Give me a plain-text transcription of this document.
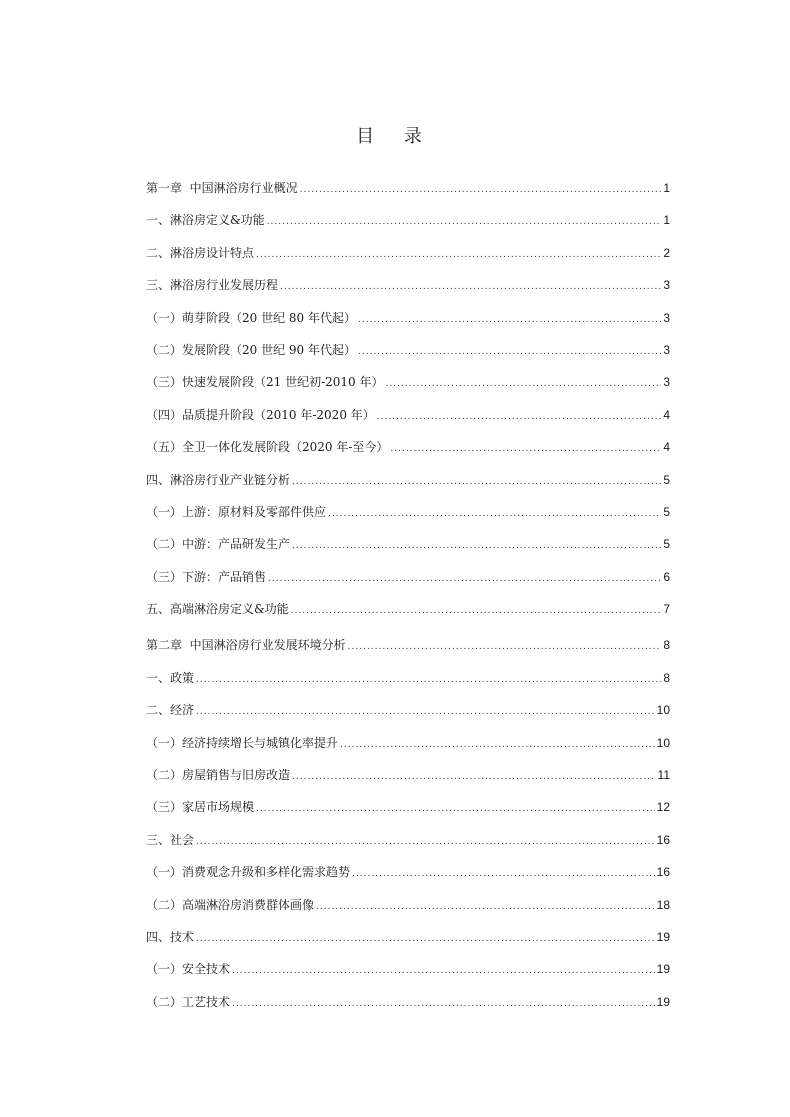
目 录
第一章  中国淋浴房行业概况 .....	1
一、淋浴房定义&功能 .....	1
二、淋浴房设计特点 .....	2
三、淋浴房行业发展历程 .....	3
（一）萌芽阶段（20 世纪 80 年代起） .....	3
（二）发展阶段（20 世纪 90 年代起） .....	3
（三）快速发展阶段（21 世纪初-2010 年） .....	3
（四）品质提升阶段（2010 年-2020 年） .....	4
（五）全卫一体化发展阶段（2020 年-至今） .....	4
四、淋浴房行业产业链分析 .....	5
（一）上游：原材料及零部件供应 .....	5
（二）中游：产品研发生产 .....	5
（三）下游：产品销售 .....	6
五、高端淋浴房定义&功能 .....	7
第二章  中国淋浴房行业发展环境分析 .....	8
一、政策 .....	8
二、经济 .....	10
（一）经济持续增长与城镇化率提升 .....	10
（二）房屋销售与旧房改造 .....	11
（三）家居市场规模 .....	12
三、社会 .....	16
（一）消费观念升级和多样化需求趋势 .....	16
（二）高端淋浴房消费群体画像 .....	18
四、技术 .....	19
（一）安全技术 .....	19
（二）工艺技术 .....	19
